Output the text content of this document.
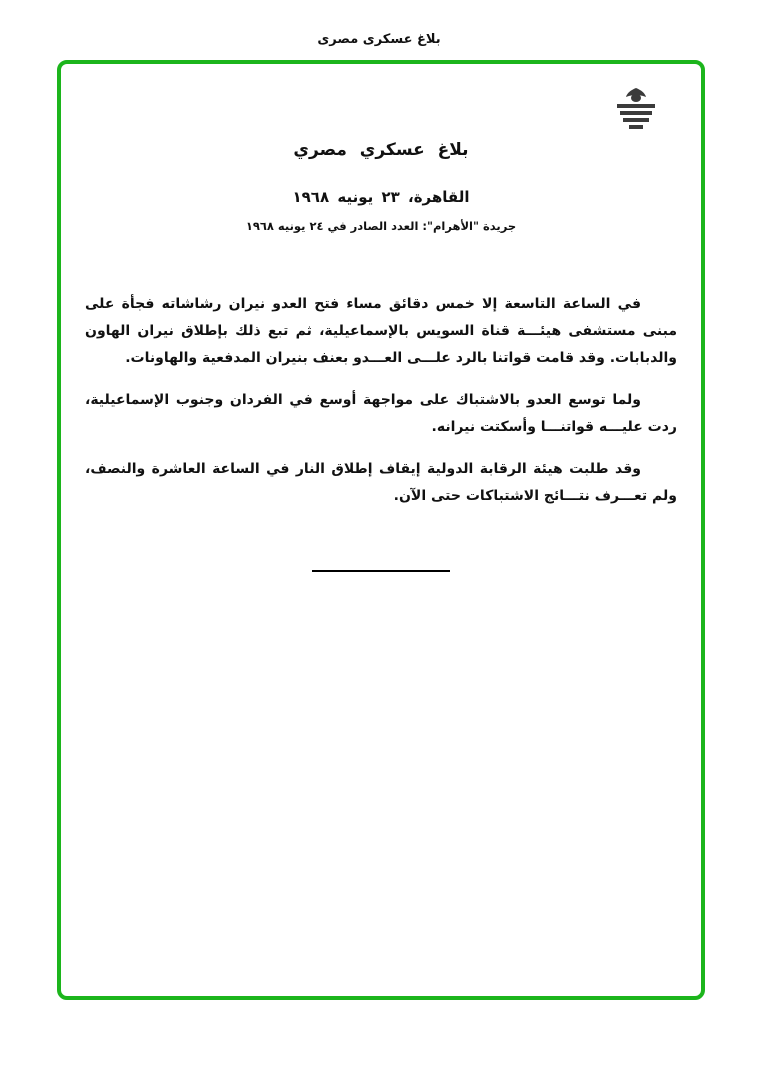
بلاغ عسكرى مصرى
بلاغ عسكري مصري
القاهرة، ٢٣ يونيه ١٩٦٨
جريدة "الأهرام": العدد الصادر في ٢٤ يونيه ١٩٦٨

في الساعة التاسعة إلا خمس دقائق مساء فتح العدو نيران رشاشاته فجأة على مبنى مستشفى هيئـــة قناة السويس بالإسماعيلية، ثم تبع ذلك بإطلاق نيران الهاون والدبابات. وقد قامت قواتنا بالرد علـــى العـــدو بعنف بنيران المدفعية والهاونات.

ولما توسع العدو بالاشتباك على مواجهة أوسع في الفردان وجنوب الإسماعيلية، ردت عليـــه قواتنـــا وأسكتت نيرانه.

وقد طلبت هيئة الرقابة الدولية إيقاف إطلاق النار في الساعة العاشرة والنصف، ولم تعـــرف نتـــائج الاشتباكات حتى الآن.
